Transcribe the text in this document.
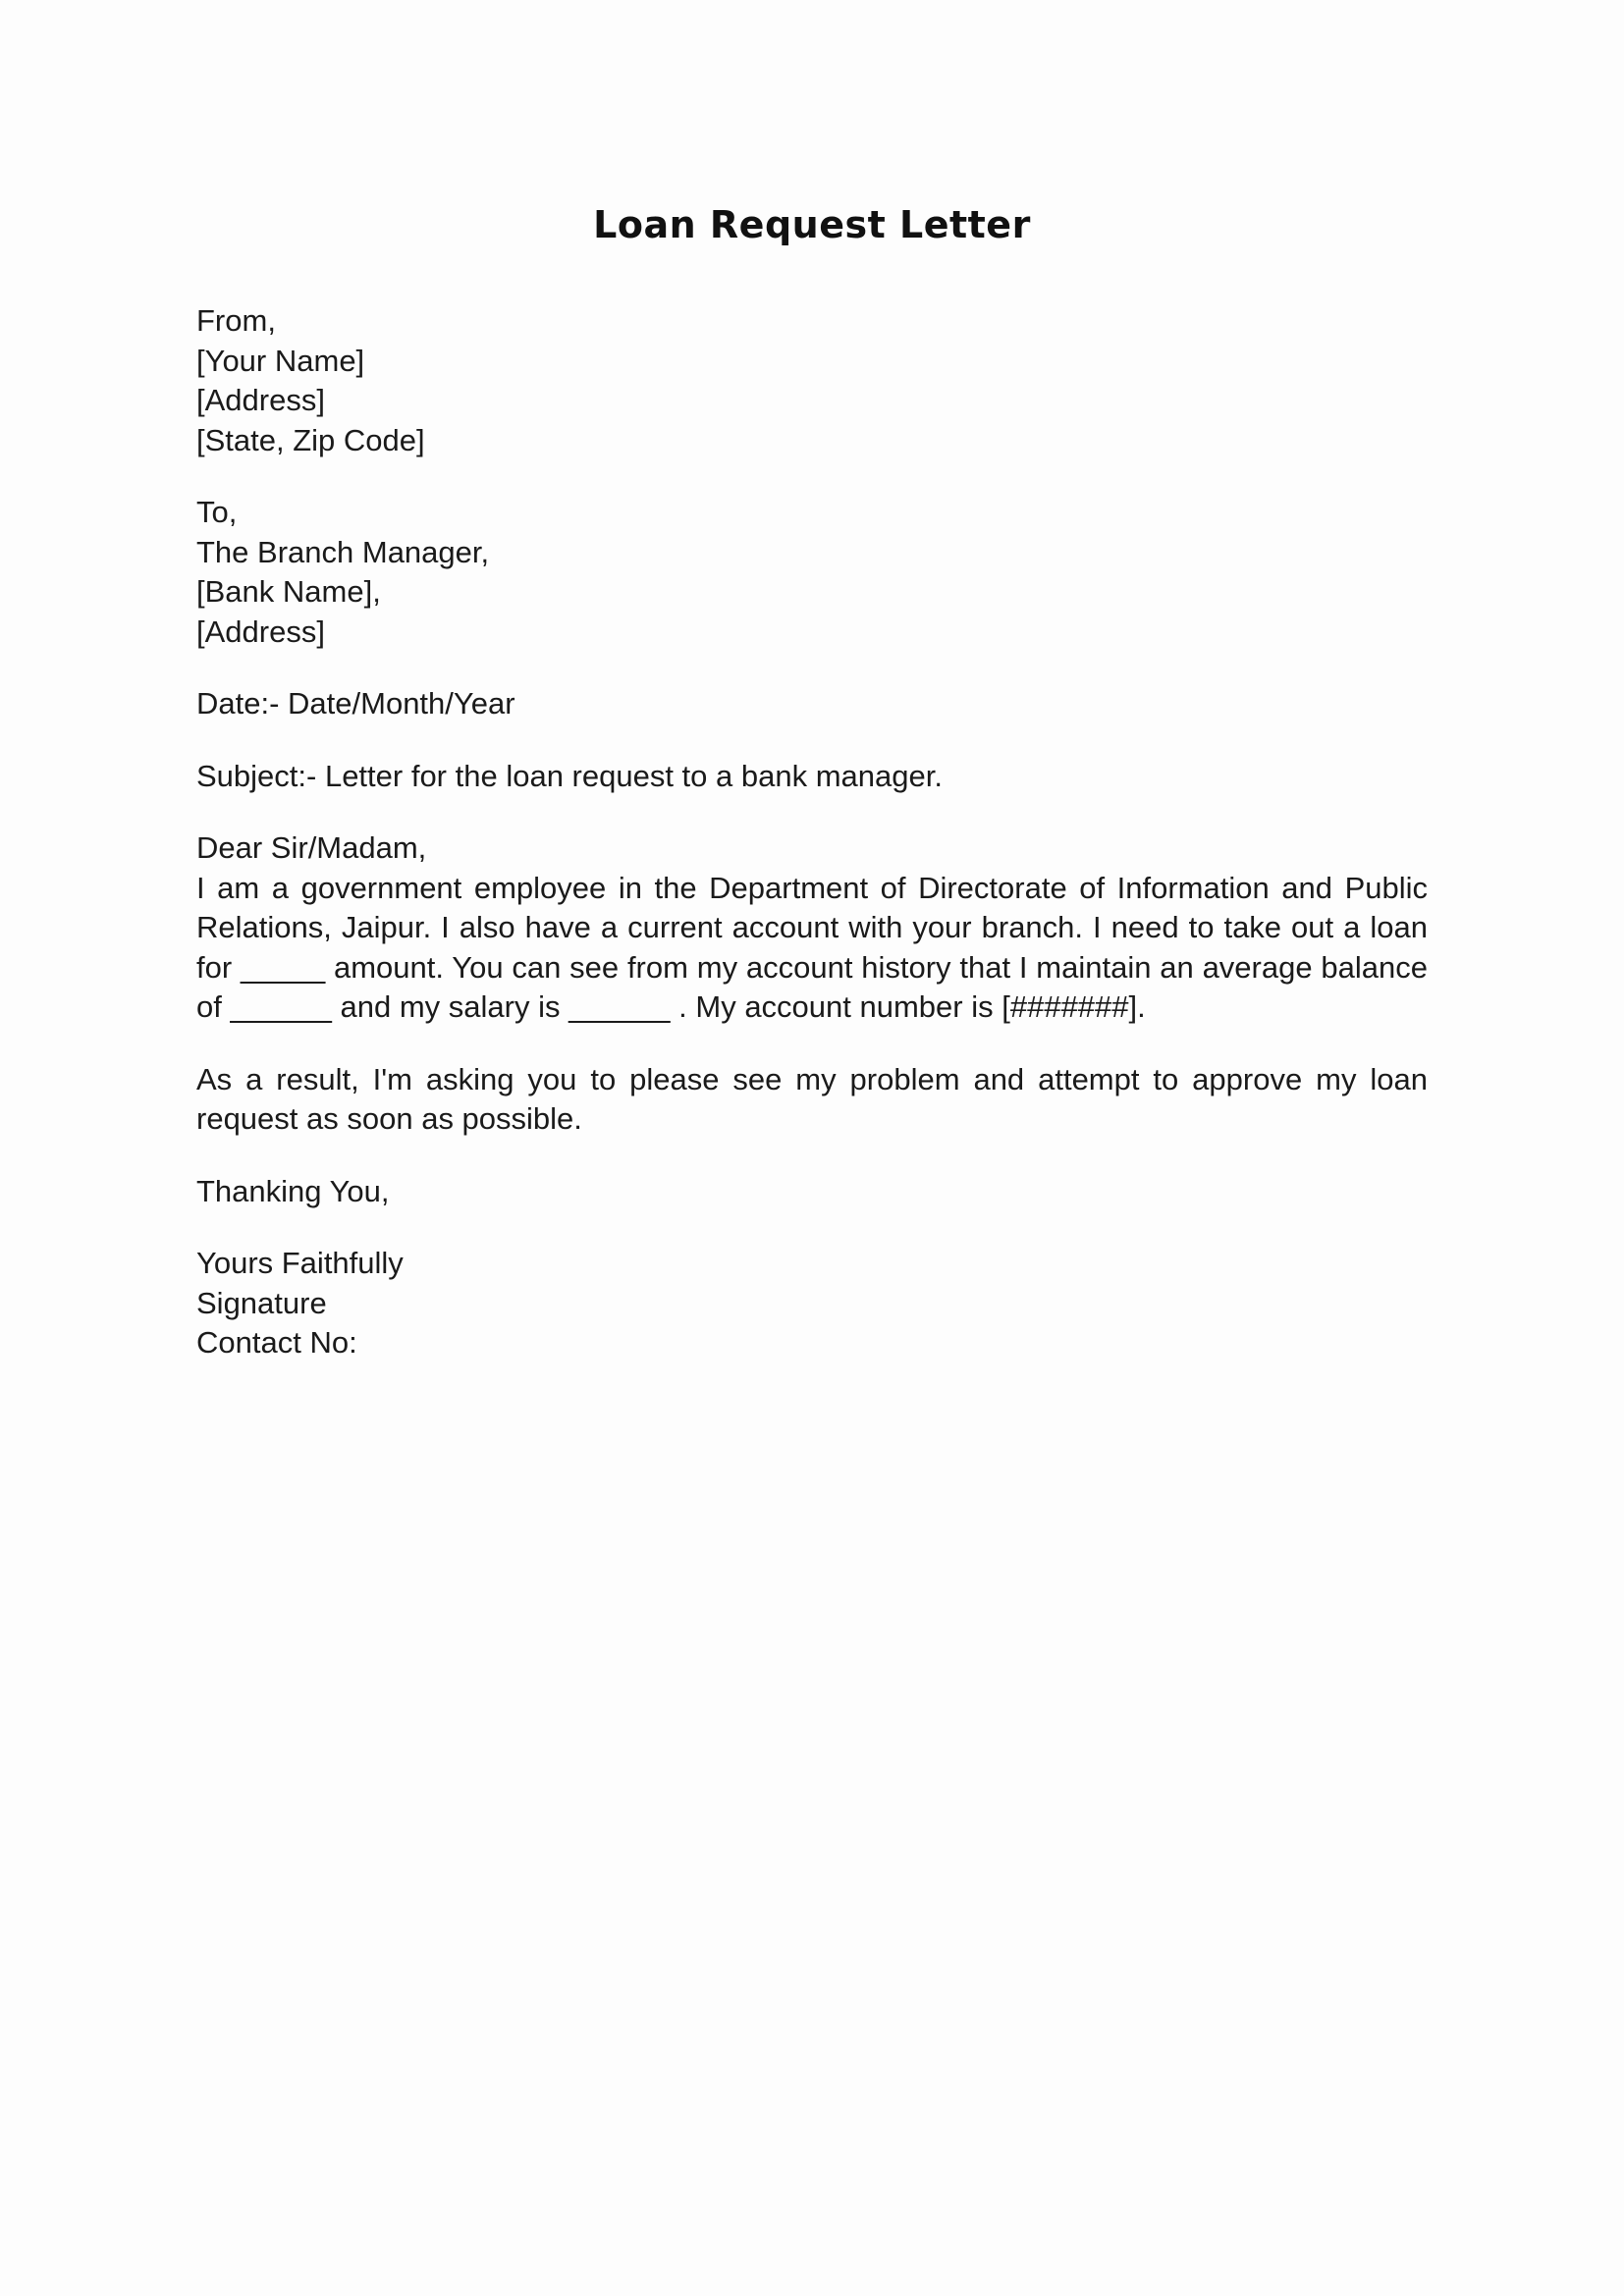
Loan Request Letter
From,
[Your Name]
[Address]
[State, Zip Code]
To,
The Branch Manager,
[Bank Name],
[Address]
Date:- Date/Month/Year
Subject:- Letter for the loan request to a bank manager.
Dear Sir/Madam,
I am a government employee in the Department of Directorate of Information and Public Relations, Jaipur. I also have a current account with your branch. I need to take out a loan for _____ amount. You can see from my account history that I maintain an average balance of ______ and my salary is ______ . My account number is [#######].
As a result, I'm asking you to please see my problem and attempt to approve my loan request as soon as possible.
Thanking You,
Yours Faithfully
Signature
Contact No:
